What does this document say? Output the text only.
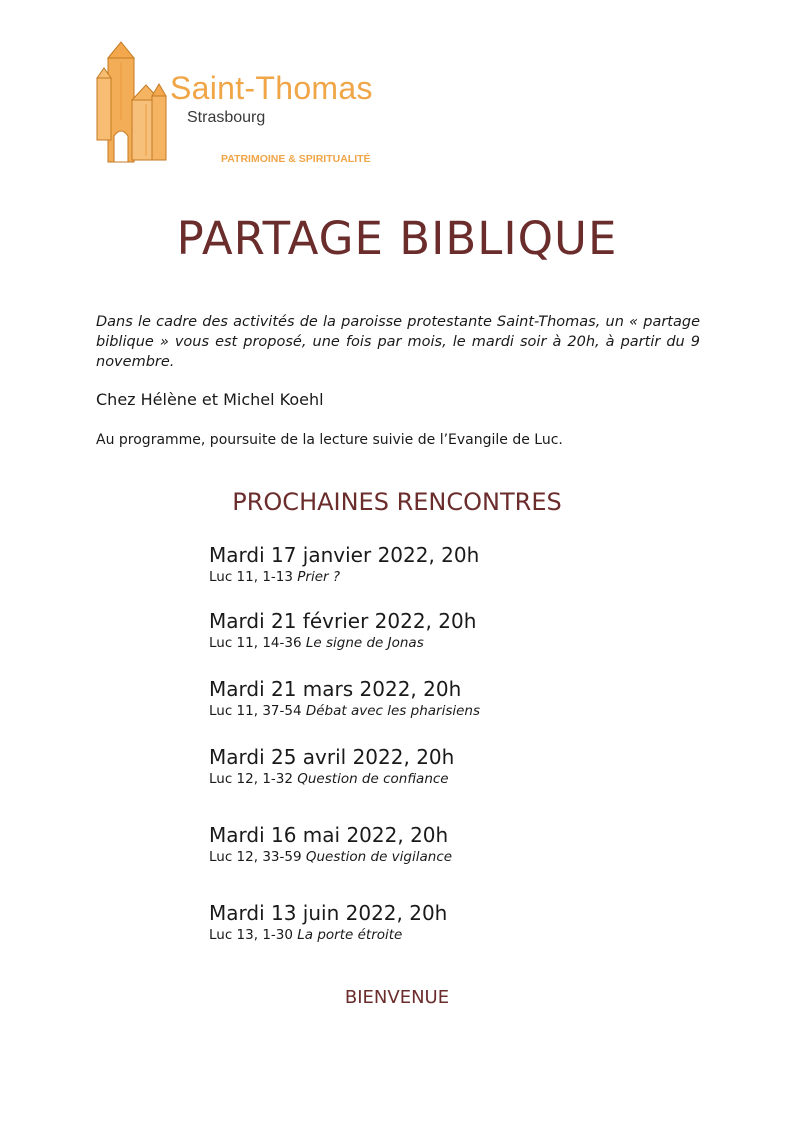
Saint-Thomas
Strasbourg
PATRIMOINE & SPIRITUALITÉ
PARTAGE BIBLIQUE

Dans le cadre des activités de la paroisse protestante Saint-Thomas, un « partage biblique » vous est proposé, une fois par mois, le mardi soir à 20h, à partir du 9 novembre.

Chez Hélène et Michel Koehl

Au programme, poursuite de la lecture suivie de l’Evangile de Luc.

PROCHAINES RENCONTRES
Mardi 17 janvier 2022, 20h
Luc 11, 1-13 Prier ?
Mardi 21 février 2022, 20h
Luc 11, 14-36 Le signe de Jonas
Mardi 21 mars 2022, 20h
Luc 11, 37-54 Débat avec les pharisiens
Mardi 25 avril 2022, 20h
Luc 12, 1-32 Question de confiance
Mardi 16 mai 2022, 20h
Luc 12, 33-59 Question de vigilance
Mardi 13 juin 2022, 20h
Luc 13, 1-30 La porte étroite

BIENVENUE
